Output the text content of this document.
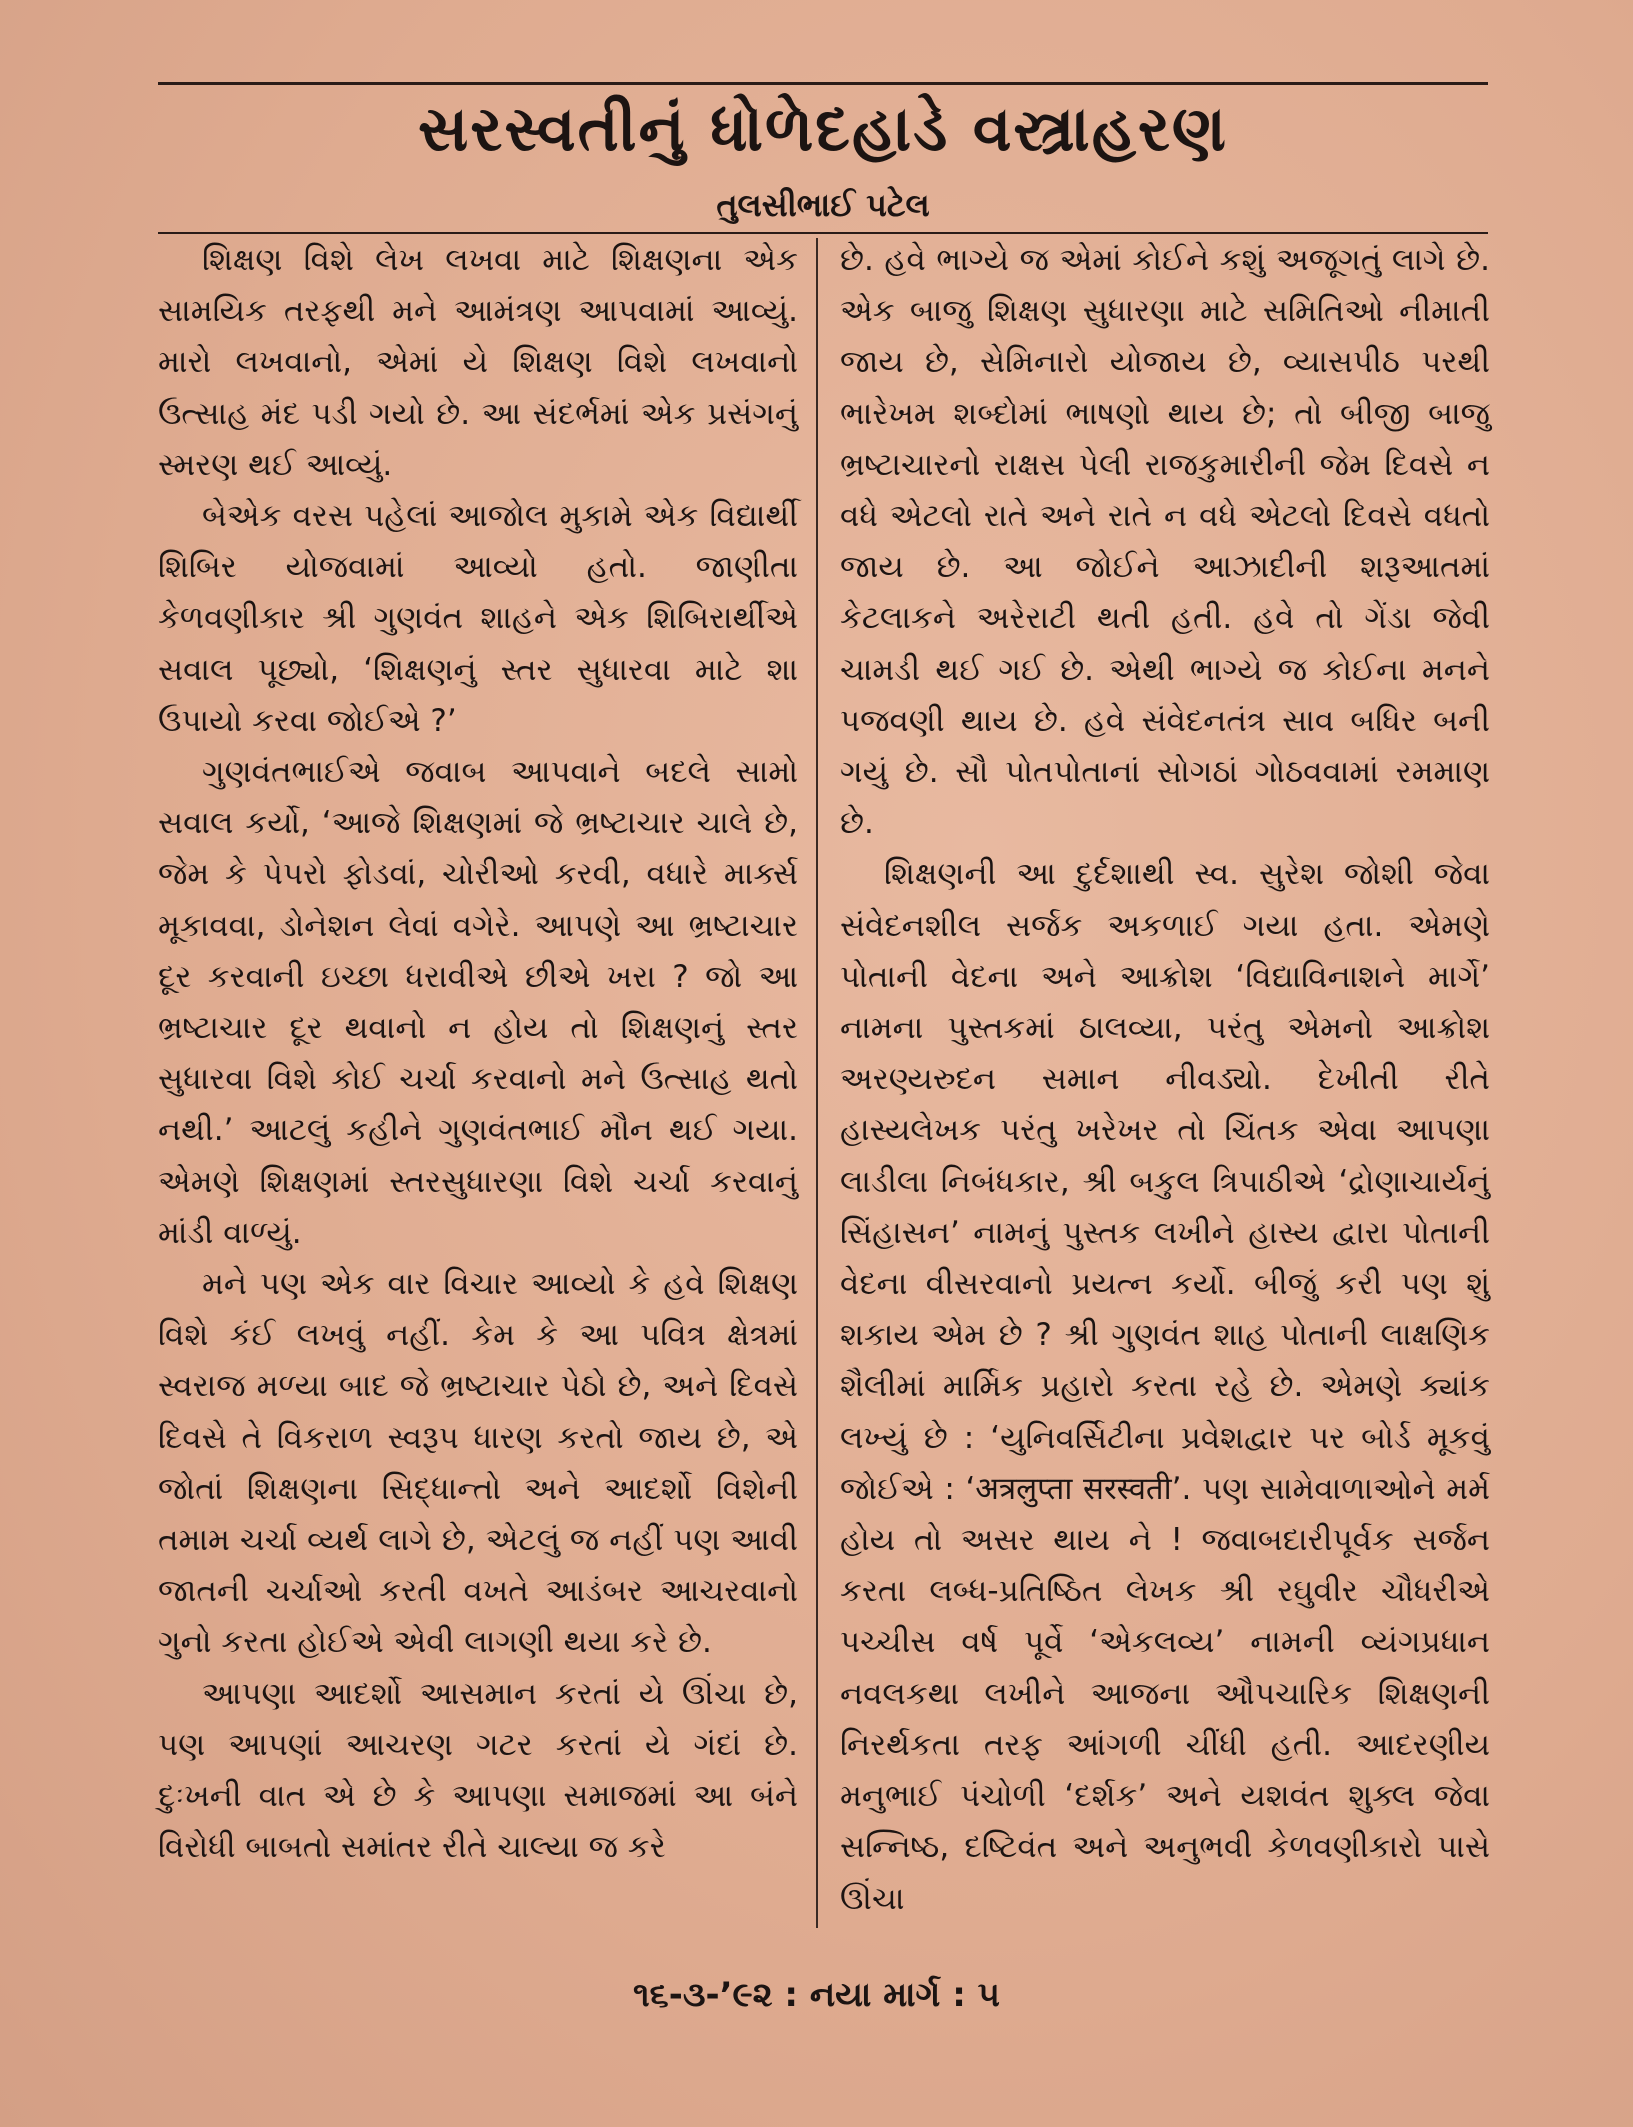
સરસ્વતીનું ધોળેદહાડે વસ્ત્રાહરણ
તુલસીભાઈ પટેલ

શિક્ષણ વિશે લેખ લખવા માટે શિક્ષણના એક સામયિક તરફથી મને આમંત્રણ આપવામાં આવ્યું. મારો લખવાનો, એમાં યે શિક્ષણ વિશે લખવાનો ઉત્સાહ મંદ પડી ગયો છે. આ સંદર્ભમાં એક પ્રસંગનું સ્મરણ થઈ આવ્યું.

બેએક વરસ પહેલાં આજોલ મુકામે એક વિદ્યાર્થી શિબિર યોજવામાં આવ્યો હતો. જાણીતા કેળવણીકાર શ્રી ગુણવંત શાહને એક શિબિરાર્થીએ સવાલ પૂછ્યો, ‘શિક્ષણનું સ્તર સુધારવા માટે શા ઉપાયો કરવા જોઈએ ?’

ગુણવંતભાઈએ જવાબ આપવાને બદલે સામો સવાલ કર્યો, ‘આજે શિક્ષણમાં જે ભ્રષ્ટાચાર ચાલે છે, જેમ કે પેપરો ફોડવાં, ચોરીઓ કરવી, વધારે માર્ક્સ મૂકાવવા, ડોનેશન લેવાં વગેરે. આપણે આ ભ્રષ્ટાચાર દૂર કરવાની ઇચ્છા ધરાવીએ છીએ ખરા ? જો આ ભ્રષ્ટાચાર દૂર થવાનો ન હોય તો શિક્ષણનું સ્તર સુધારવા વિશે કોઈ ચર્ચા કરવાનો મને ઉત્સાહ થતો નથી.’ આટલું કહીને ગુણવંતભાઈ મૌન થઈ ગયા. એમણે શિક્ષણમાં સ્તરસુધારણા વિશે ચર્ચા કરવાનું માંડી વાળ્યું.

મને પણ એક વાર વિચાર આવ્યો કે હવે શિક્ષણ વિશે કંઈ લખવું નહીં. કેમ કે આ પવિત્ર ક્ષેત્રમાં સ્વરાજ મળ્યા બાદ જે ભ્રષ્ટાચાર પેઠો છે, અને દિવસે દિવસે તે વિકરાળ સ્વરૂપ ધારણ કરતો જાય છે, એ જોતાં શિક્ષણના સિદ્ધાન્તો અને આદર્શો વિશેની તમામ ચર્ચા વ્યર્થ લાગે છે, એટલું જ નહીં પણ આવી જાતની ચર્ચાઓ કરતી વખતે આડંબર આચરવાનો ગુનો કરતા હોઈએ એવી લાગણી થયા કરે છે.

આપણા આદર્શો આસમાન કરતાં યે ઊંચા છે, પણ આપણાં આચરણ ગટર કરતાં યે ગંદાં છે. દુઃખની વાત એ છે કે આપણા સમાજમાં આ બંને વિરોધી બાબતો સમાંતર રીતે ચાલ્યા જ કરે

છે. હવે ભાગ્યે જ એમાં કોઈને કશું અજૂગતું લાગે છે. એક બાજુ શિક્ષણ સુધારણા માટે સમિતિઓ નીમાતી જાય છે, સેમિનારો યોજાય છે, વ્યાસપીઠ પરથી ભારેખમ શબ્દોમાં ભાષણો થાય છે; તો બીજી બાજુ ભ્રષ્ટાચારનો રાક્ષસ પેલી રાજકુમારીની જેમ દિવસે ન વધે એટલો રાતે અને રાતે ન વધે એટલો દિવસે વધતો જાય છે. આ જોઈને આઝાદીની શરૂઆતમાં કેટલાકને અરેરાટી થતી હતી. હવે તો ગેંડા જેવી ચામડી થઈ ગઈ છે. એથી ભાગ્યે જ કોઈના મનને પજવણી થાય છે. હવે સંવેદનતંત્ર સાવ બધિર બની ગયું છે. સૌ પોતપોતાનાં સોગઠાં ગોઠવવામાં રમમાણ છે.

શિક્ષણની આ દુર્દશાથી સ્વ. સુરેશ જોશી જેવા સંવેદનશીલ સર્જક અકળાઈ ગયા હતા. એમણે પોતાની વેદના અને આક્રોશ ‘વિદ્યાવિનાશને માર્ગે’ નામના પુસ્તકમાં ઠાલવ્યા, પરંતુ એમનો આક્રોશ અરણ્યરુદન સમાન નીવડ્યો. દેખીતી રીતે હાસ્યલેખક પરંતુ ખરેખર તો ચિંતક એવા આપણા લાડીલા નિબંધકાર, શ્રી બકુલ ત્રિપાઠીએ ‘દ્રોણાચાર્યનું સિંહાસન’ નામનું પુસ્તક લખીને હાસ્ય દ્વારા પોતાની વેદના વીસરવાનો પ્રયત્ન કર્યો. બીજું કરી પણ શું શકાય એમ છે ? શ્રી ગુણવંત શાહ પોતાની લાક્ષણિક શૈલીમાં માર્મિક પ્રહારો કરતા રહે છે. એમણે ક્યાંક લખ્યું છે : ‘યુનિવર્સિટીના પ્રવેશદ્વાર પર બોર્ડ મૂકવું જોઈએ : ‘अत्रलुप्ता सरस्वती’. પણ સામેવાળાઓને મર્મ હોય તો અસર થાય ને ! જવાબદારીપૂર્વક સર્જન કરતા લબ્ધ-પ્રતિષ્ઠિત લેખક શ્રી રઘુવીર ચૌધરીએ પચ્ચીસ વર્ષ પૂર્વે ‘એકલવ્ય’ નામની વ્યંગપ્રધાન નવલકથા લખીને આજના ઔપચારિક શિક્ષણની નિરર્થકતા તરફ આંગળી ચીંધી હતી. આદરણીય મનુભાઈ પંચોળી ‘દર્શક’ અને યશવંત શુક્લ જેવા સન્નિષ્ઠ, દષ્ટિવંત અને અનુભવી કેળવણીકારો પાસે ઊંચા

૧૬-૩-’૯૨ : નયા માર્ગ : ૫
